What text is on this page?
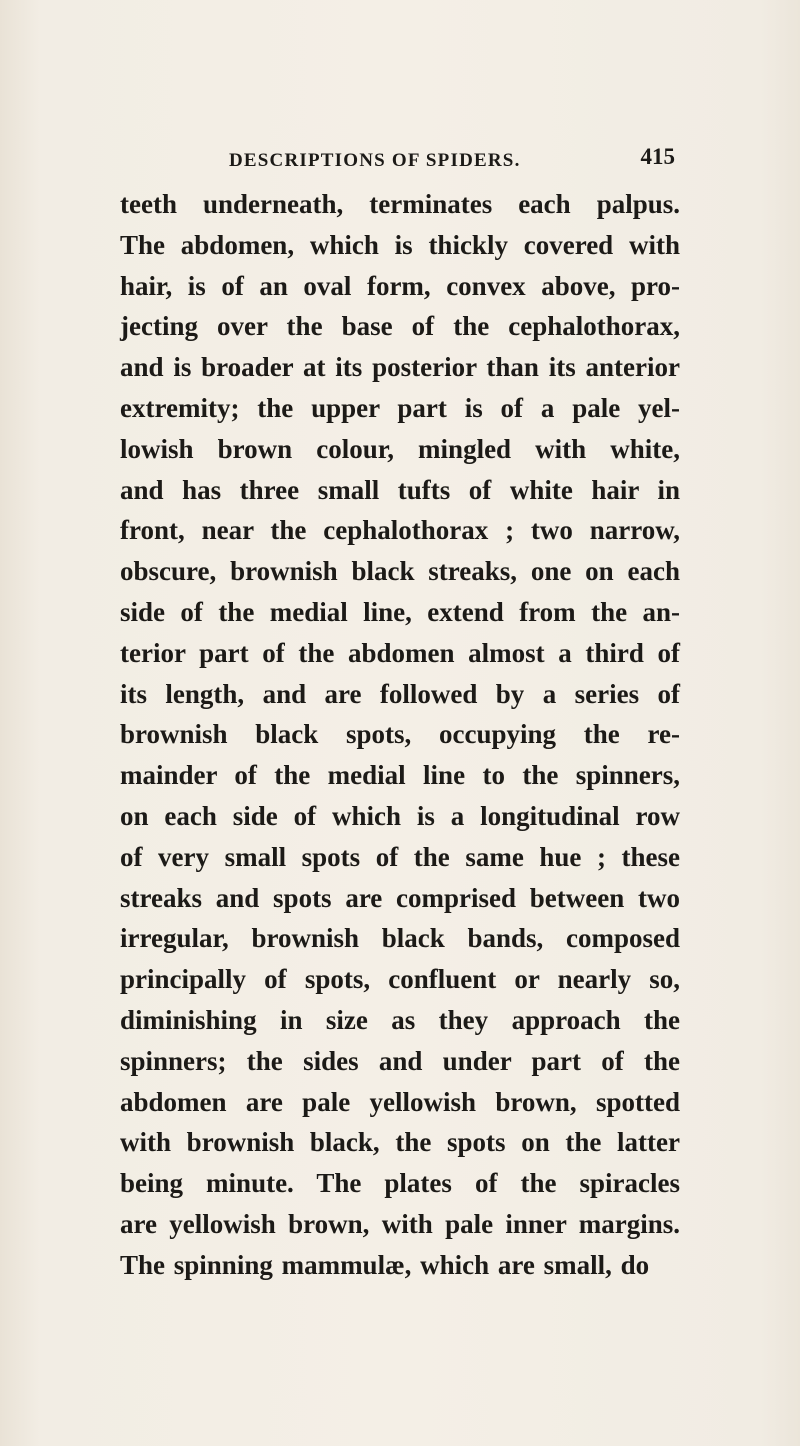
DESCRIPTIONS OF SPIDERS.	415
teeth underneath, terminates each palpus.
The abdomen, which is thickly covered with
hair, is of an oval form, convex above, pro-
jecting over the base of the cephalothorax,
and is broader at its posterior than its anterior
extremity; the upper part is of a pale yel-
lowish brown colour, mingled with white,
and has three small tufts of white hair in
front, near the cephalothorax ; two narrow,
obscure, brownish black streaks, one on each
side of the medial line, extend from the an-
terior part of the abdomen almost a third of
its length, and are followed by a series of
brownish black spots, occupying the re-
mainder of the medial line to the spinners,
on each side of which is a longitudinal row
of very small spots of the same hue ; these
streaks and spots are comprised between two
irregular, brownish black bands, composed
principally of spots, confluent or nearly so,
diminishing in size as they approach the
spinners; the sides and under part of the
abdomen are pale yellowish brown, spotted
with brownish black, the spots on the latter
being minute. The plates of the spiracles
are yellowish brown, with pale inner margins.
The spinning mammulæ, which are small, do
